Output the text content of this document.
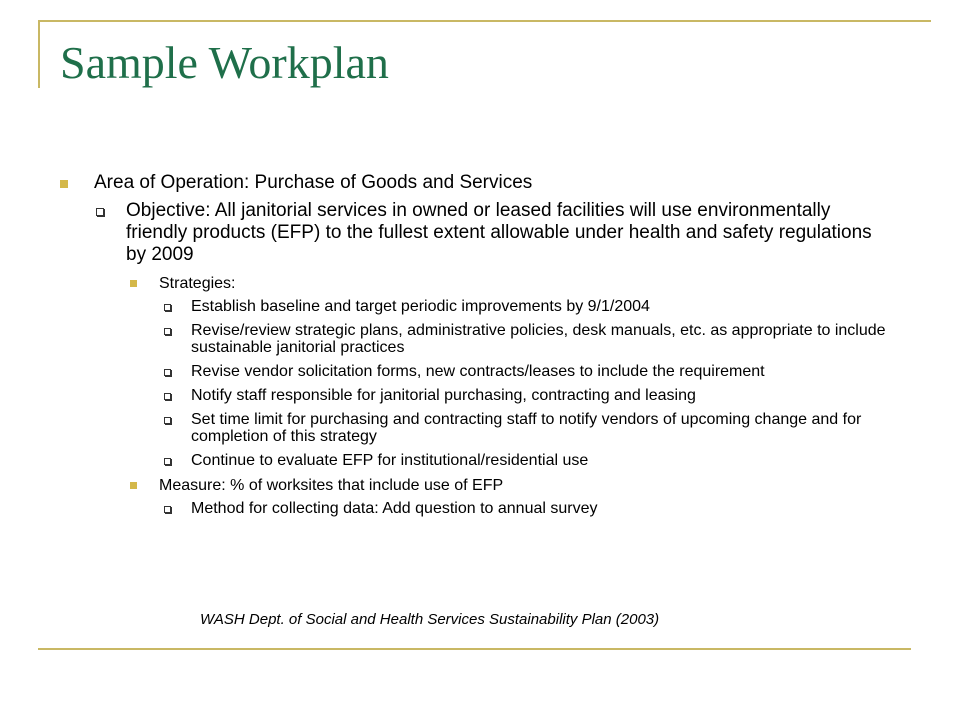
Sample Workplan
Area of Operation: Purchase of Goods and Services
Objective: All janitorial services in owned or leased facilities will use environmentally friendly products (EFP) to the fullest extent allowable under health and safety regulations by 2009
Strategies:
Establish baseline and target periodic improvements by 9/1/2004
Revise/review strategic plans, administrative policies, desk manuals, etc. as appropriate to include sustainable janitorial practices
Revise vendor solicitation forms, new contracts/leases to include the requirement
Notify staff responsible for janitorial purchasing, contracting and leasing
Set time limit for purchasing and contracting staff to notify vendors of upcoming change and for completion of this strategy
Continue to evaluate EFP for institutional/residential use
Measure: % of worksites that include use of EFP
Method for collecting data: Add question to annual survey
WASH Dept. of Social and Health Services Sustainability Plan (2003)
